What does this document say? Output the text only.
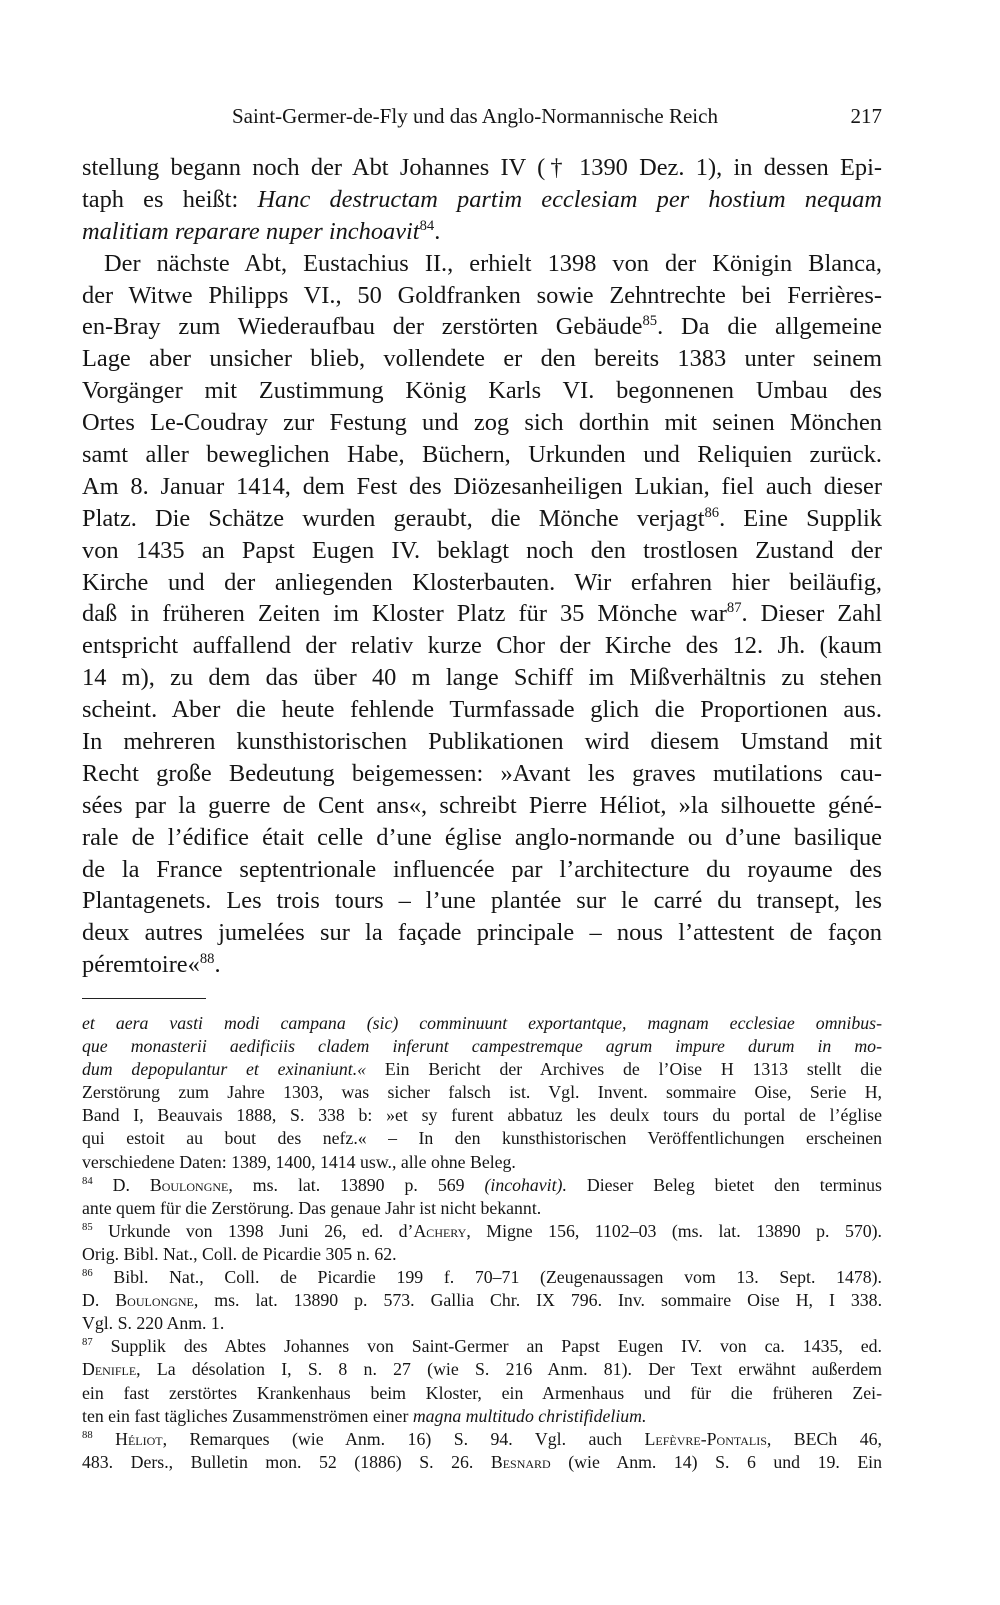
Saint-Germer-de-Fly und das Anglo-Normannische Reich	217
stellung begann noch der Abt Johannes IV († 1390 Dez. 1), in dessen Epi-
taph es heißt: Hanc destructam partim ecclesiam per hostium nequam
malitiam reparare nuper inchoavit$^{84}$.
Der nächste Abt, Eustachius II., erhielt 1398 von der Königin Blanca,
der Witwe Philipps VI., 50 Goldfranken sowie Zehntrechte bei Ferrières-
en-Bray zum Wiederaufbau der zerstörten Gebäude$^{85}$. Da die allgemeine
Lage aber unsicher blieb, vollendete er den bereits 1383 unter seinem
Vorgänger mit Zustimmung König Karls VI. begonnenen Umbau des
Ortes Le-Coudray zur Festung und zog sich dorthin mit seinen Mönchen
samt aller beweglichen Habe, Büchern, Urkunden und Reliquien zurück.
Am 8. Januar 1414, dem Fest des Diözesanheiligen Lukian, fiel auch dieser
Platz. Die Schätze wurden geraubt, die Mönche verjagt$^{86}$. Eine Supplik
von 1435 an Papst Eugen IV. beklagt noch den trostlosen Zustand der
Kirche und der anliegenden Klosterbauten. Wir erfahren hier beiläufig,
daß in früheren Zeiten im Kloster Platz für 35 Mönche war$^{87}$. Dieser Zahl
entspricht auffallend der relativ kurze Chor der Kirche des 12. Jh. (kaum
14 m), zu dem das über 40 m lange Schiff im Mißverhältnis zu stehen
scheint. Aber die heute fehlende Turmfassade glich die Proportionen aus.
In mehreren kunsthistorischen Publikationen wird diesem Umstand mit
Recht große Bedeutung beigemessen: »Avant les graves mutilations cau-
sées par la guerre de Cent ans«, schreibt Pierre Héliot, »la silhouette géné-
rale de l’édifice était celle d’une église anglo-normande ou d’une basilique
de la France septentrionale influencée par l’architecture du royaume des
Plantagenets. Les trois tours – l’une plantée sur le carré du transept, les
deux autres jumelées sur la façade principale – nous l’attestent de façon
péremtoire«$^{88}$.
et aera vasti modi campana (sic) comminuunt exportantque, magnam ecclesiae omnibus-
que monasterii aedificiis cladem inferunt campestremque agrum impure durum in mo-
dum depopulantur et exinaniunt.« Ein Bericht der Archives de l’Oise H 1313 stellt die
Zerstörung zum Jahre 1303, was sicher falsch ist. Vgl. Invent. sommaire Oise, Serie H,
Band I, Beauvais 1888, S. 338 b: »et sy furent abbatuz les deulx tours du portal de l’église
qui estoit au bout des nefz.« – In den kunsthistorischen Veröffentlichungen erscheinen
verschiedene Daten: 1389, 1400, 1414 usw., alle ohne Beleg.
$^{84}$ D. Boulongne, ms. lat. 13890 p. 569 (incohavit). Dieser Beleg bietet den terminus
ante quem für die Zerstörung. Das genaue Jahr ist nicht bekannt.
$^{85}$ Urkunde von 1398 Juni 26, ed. d’Achery, Migne 156, 1102–03 (ms. lat. 13890 p. 570).
Orig. Bibl. Nat., Coll. de Picardie 305 n. 62.
$^{86}$ Bibl. Nat., Coll. de Picardie 199 f. 70–71 (Zeugenaussagen vom 13. Sept. 1478).
D. Boulongne, ms. lat. 13890 p. 573. Gallia Chr. IX 796. Inv. sommaire Oise H, I 338.
Vgl. S. 220 Anm. 1.
$^{87}$ Supplik des Abtes Johannes von Saint-Germer an Papst Eugen IV. von ca. 1435, ed.
Denifle, La désolation I, S. 8 n. 27 (wie S. 216 Anm. 81). Der Text erwähnt außerdem
ein fast zerstörtes Krankenhaus beim Kloster, ein Armenhaus und für die früheren Zei-
ten ein fast tägliches Zusammenströmen einer magna multitudo christifidelium.
$^{88}$ Héliot, Remarques (wie Anm. 16) S. 94. Vgl. auch Lefèvre-Pontalis, BECh 46,
483. Ders., Bulletin mon. 52 (1886) S. 26. Besnard (wie Anm. 14) S. 6 und 19. Ein
